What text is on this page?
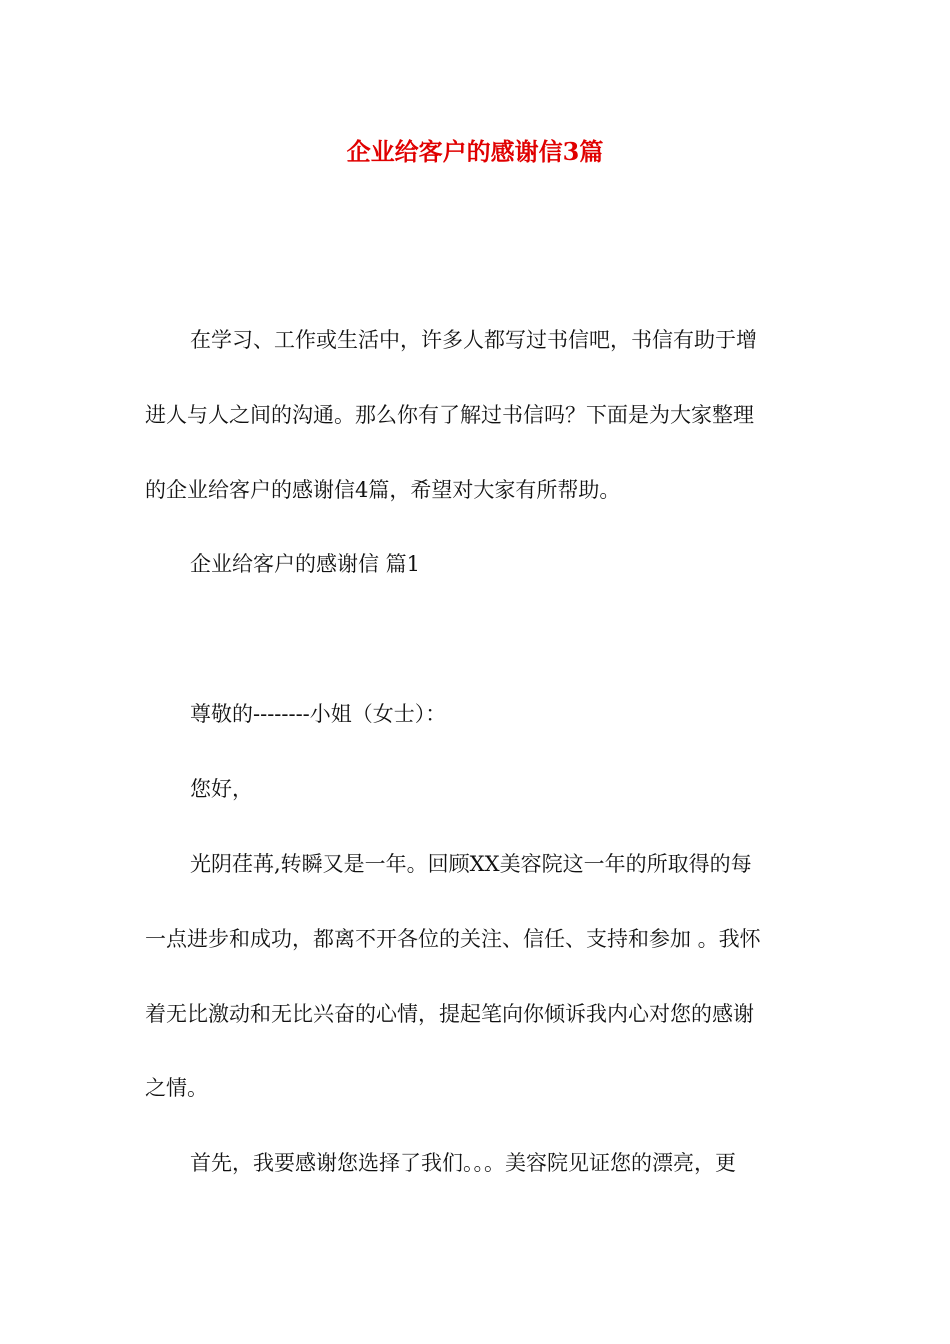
企业给客户的感谢信3篇
在学习、工作或生活中，许多人都写过书信吧，书信有助于增
进人与人之间的沟通。那么你有了解过书信吗？下面是为大家整理
的企业给客户的感谢信4篇，希望对大家有所帮助。
企业给客户的感谢信 篇1
尊敬的--------小姐（女士）：
您好，
光阴荏苒,转瞬又是一年。回顾XX美容院这一年的所取得的每
一点进步和成功，都离不开各位的关注、信任、支持和参加 。我怀
着无比激动和无比兴奋的心情，提起笔向你倾诉我内心对您的感谢
之情。
首先，我要感谢您选择了我们。。。美容院见证您的漂亮，更
